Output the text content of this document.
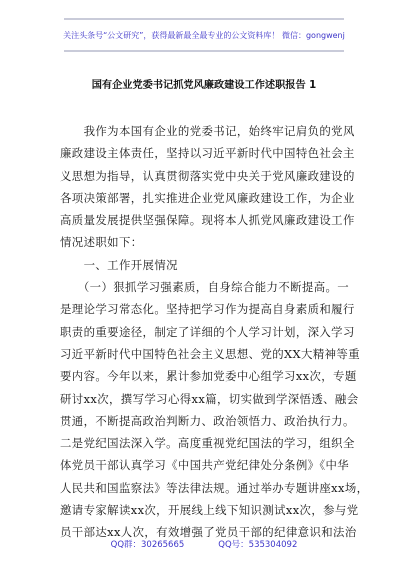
关注头条号“公文研究”，获得最新最全最专业的公文资料库！ 微信：gongwenj
国有企业党委书记抓党风廉政建设工作述职报告 1
　　我作为本国有企业的党委书记，始终牢记肩负的党风
廉政建设主体责任，坚持以习近平新时代中国特色社会主
义思想为指导，认真贯彻落实党中央关于党风廉政建设的
各项决策部署，扎实推进企业党风廉政建设工作，为企业
高质量发展提供坚强保障。现将本人抓党风廉政建设工作
情况述职如下：
　　一、工作开展情况
　　（一）狠抓学习强素质，自身综合能力不断提高。一
是理论学习常态化。坚持把学习作为提高自身素质和履行
职责的重要途径，制定了详细的个人学习计划，深入学习
习近平新时代中国特色社会主义思想、党的XX大精神等重
要内容。今年以来，累计参加党委中心组学习xx次，专题
研讨xx次，撰写学习心得xx篇，切实做到学深悟透、融会
贯通，不断提高政治判断力、政治领悟力、政治执行力。
二是党纪国法深入学。高度重视党纪国法的学习，组织全
体党员干部认真学习《中国共产党纪律处分条例》《中华
人民共和国监察法》等法律法规。通过举办专题讲座xx场，
邀请专家解读xx次，开展线上线下知识测试xx次，参与党
员干部达xx人次，有效增强了党员干部的纪律意识和法治
QQ群：30265665	QQ号：535304092
